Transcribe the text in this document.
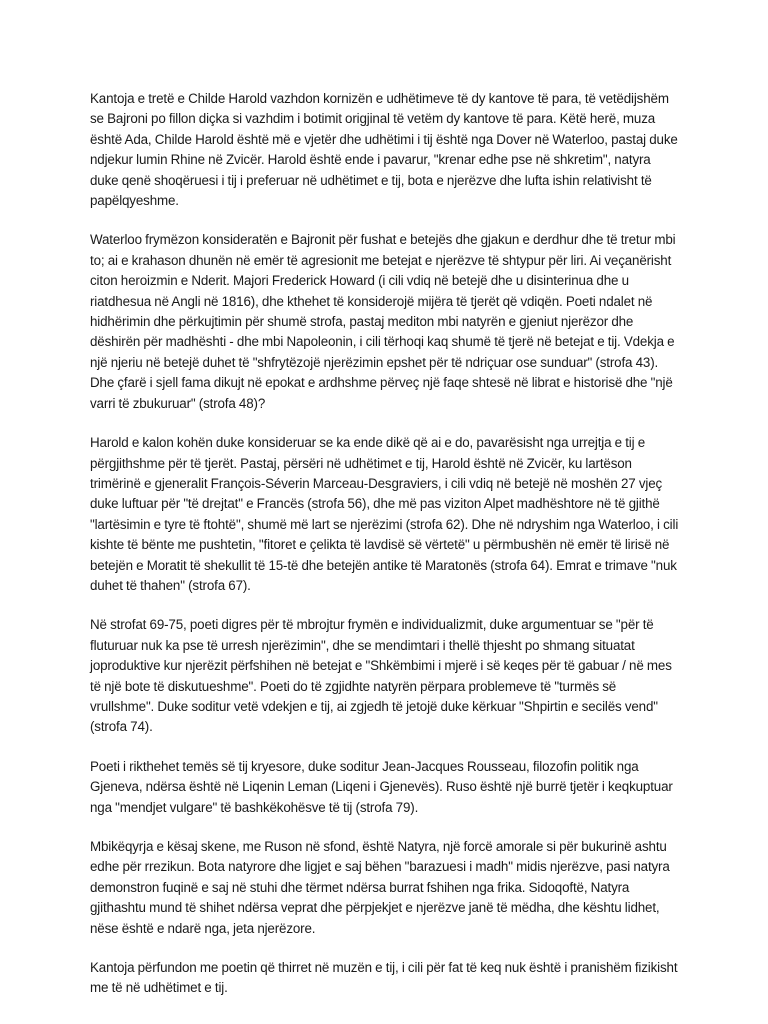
Kantoja e tretë e Childe Harold vazhdon kornizën e udhëtimeve të dy kantove të para, të vetëdijshëm se Bajroni po fillon diçka si vazhdim i botimit origjinal të vetëm dy kantove të para. Këtë herë, muza është Ada, Childe Harold është më e vjetër dhe udhëtimi i tij është nga Dover në Waterloo, pastaj duke ndjekur lumin Rhine në Zvicër. Harold është ende i pavarur, "krenar edhe pse në shkretim", natyra duke qenë shoqëruesi i tij i preferuar në udhëtimet e tij, bota e njerëzve dhe lufta ishin relativisht të papëlqyeshme.

Waterloo frymëzon konsideratën e Bajronit për fushat e betejës dhe gjakun e derdhur dhe të tretur mbi to; ai e krahason dhunën në emër të agresionit me betejat e njerëzve të shtypur për liri. Ai veçanërisht citon heroizmin e Nderit. Majori Frederick Howard (i cili vdiq në betejë dhe u disinterinua dhe u riatdhesua në Angli në 1816), dhe kthehet të konsiderojë mijëra të tjerët që vdiqën. Poeti ndalet në hidhërimin dhe përkujtimin për shumë strofa, pastaj mediton mbi natyrën e gjeniut njerëzor dhe dëshirën për madhështi - dhe mbi Napoleonin, i cili tërhoqi kaq shumë të tjerë në betejat e tij. Vdekja e një njeriu në betejë duhet të "shfrytëzojë njerëzimin epshet për të ndriçuar ose sunduar" (strofa 43). Dhe çfarë i sjell fama dikujt në epokat e ardhshme përveç një faqe shtesë në librat e historisë dhe "një varri të zbukuruar" (strofa 48)?

Harold e kalon kohën duke konsideruar se ka ende dikë që ai e do, pavarësisht nga urrejtja e tij e përgjithshme për të tjerët. Pastaj, përsëri në udhëtimet e tij, Harold është në Zvicër, ku lartëson trimërinë e gjeneralit François-Séverin Marceau-Desgraviers, i cili vdiq në betejë në moshën 27 vjeç duke luftuar për "të drejtat" e Francës (strofa 56), dhe më pas viziton Alpet madhështore në të gjithë "lartësimin e tyre të ftohtë", shumë më lart se njerëzimi (strofa 62). Dhe në ndryshim nga Waterloo, i cili kishte të bënte me pushtetin, "fitoret e çelikta të lavdisë së vërtetë" u përmbushën në emër të lirisë në betejën e Moratit të shekullit të 15-të dhe betejën antike të Maratonës (strofa 64). Emrat e trimave "nuk duhet të thahen" (strofa 67).

Në strofat 69-75, poeti digres për të mbrojtur frymën e individualizmit, duke argumentuar se "për të fluturuar nuk ka pse të urresh njerëzimin", dhe se mendimtari i thellë thjesht po shmang situatat joproduktive kur njerëzit përfshihen në betejat e "Shkëmbimi i mjerë i së keqes për të gabuar / në mes të një bote të diskutueshme". Poeti do të zgjidhte natyrën përpara problemeve të "turmës së vrullshme". Duke soditur vetë vdekjen e tij, ai zgjedh të jetojë duke kërkuar "Shpirtin e secilës vend" (strofa 74).

Poeti i rikthehet temës së tij kryesore, duke soditur Jean-Jacques Rousseau, filozofin politik nga Gjeneva, ndërsa është në Liqenin Leman (Liqeni i Gjenevës). Ruso është një burrë tjetër i keqkuptuar nga "mendjet vulgare" të bashkëkohësve të tij (strofa 79).

Mbikëqyrja e kësaj skene, me Ruson në sfond, është Natyra, një forcë amorale si për bukurinë ashtu edhe për rrezikun. Bota natyrore dhe ligjet e saj bëhen "barazuesi i madh" midis njerëzve, pasi natyra demonstron fuqinë e saj në stuhi dhe tërmet ndërsa burrat fshihen nga frika. Sidoqoftë, Natyra gjithashtu mund të shihet ndërsa veprat dhe përpjekjet e njerëzve janë të mëdha, dhe kështu lidhet, nëse është e ndarë nga, jeta njerëzore.

Kantoja përfundon me poetin që thirret në muzën e tij, i cili për fat të keq nuk është i pranishëm fizikisht me të në udhëtimet e tij.
